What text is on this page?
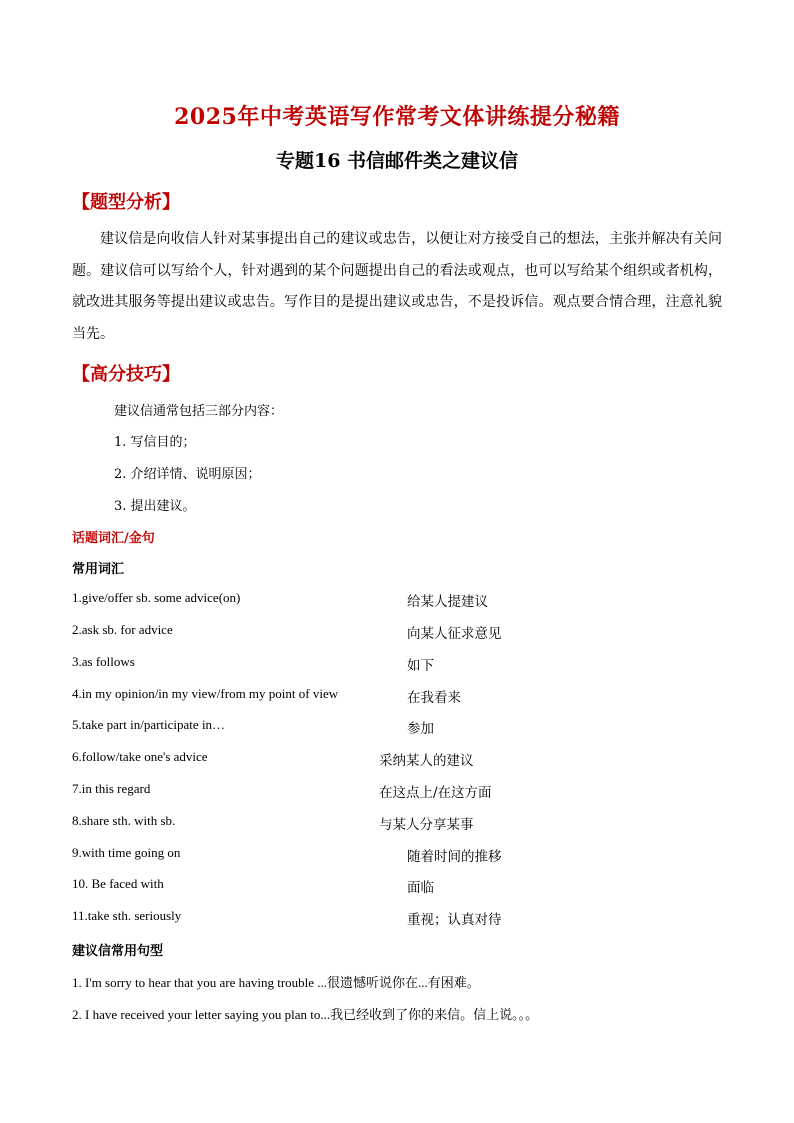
2025年中考英语写作常考文体讲练提分秘籍
专题16 书信邮件类之建议信
【题型分析】
建议信是向收信人针对某事提出自己的建议或忠告，以便让对方接受自己的想法，主张并解决有关问题。建议信可以写给个人，针对遇到的某个问题提出自己的看法或观点，也可以写给某个组织或者机构，就改进其服务等提出建议或忠告。写作目的是提出建议或忠告，不是投诉信。观点要合情合理，注意礼貌当先。
【高分技巧】
建议信通常包括三部分内容：
1. 写信目的；
2. 介绍详情、说明原因；
3. 提出建议。
话题词汇/金句
常用词汇
1.give/offer sb. some advice(on)	给某人提建议
2.ask sb. for advice	向某人征求意见
3.as follows	如下
4.in my opinion/in my view/from my point of view	在我看来
5.take part in/participate in…	参加
6.follow/take one's advice	采纳某人的建议
7.in this regard	在这点上/在这方面
8.share sth. with sb.	与某人分享某事
9.with time going on	随着时间的推移
10. Be faced with	面临
11.take sth. seriously	重视；认真对待
建议信常用句型
1. I'm sorry to hear that you are having trouble ...很遗憾听说你在...有困难。
2. I have received your letter saying you plan to...我已经收到了你的来信。信上说。。。
